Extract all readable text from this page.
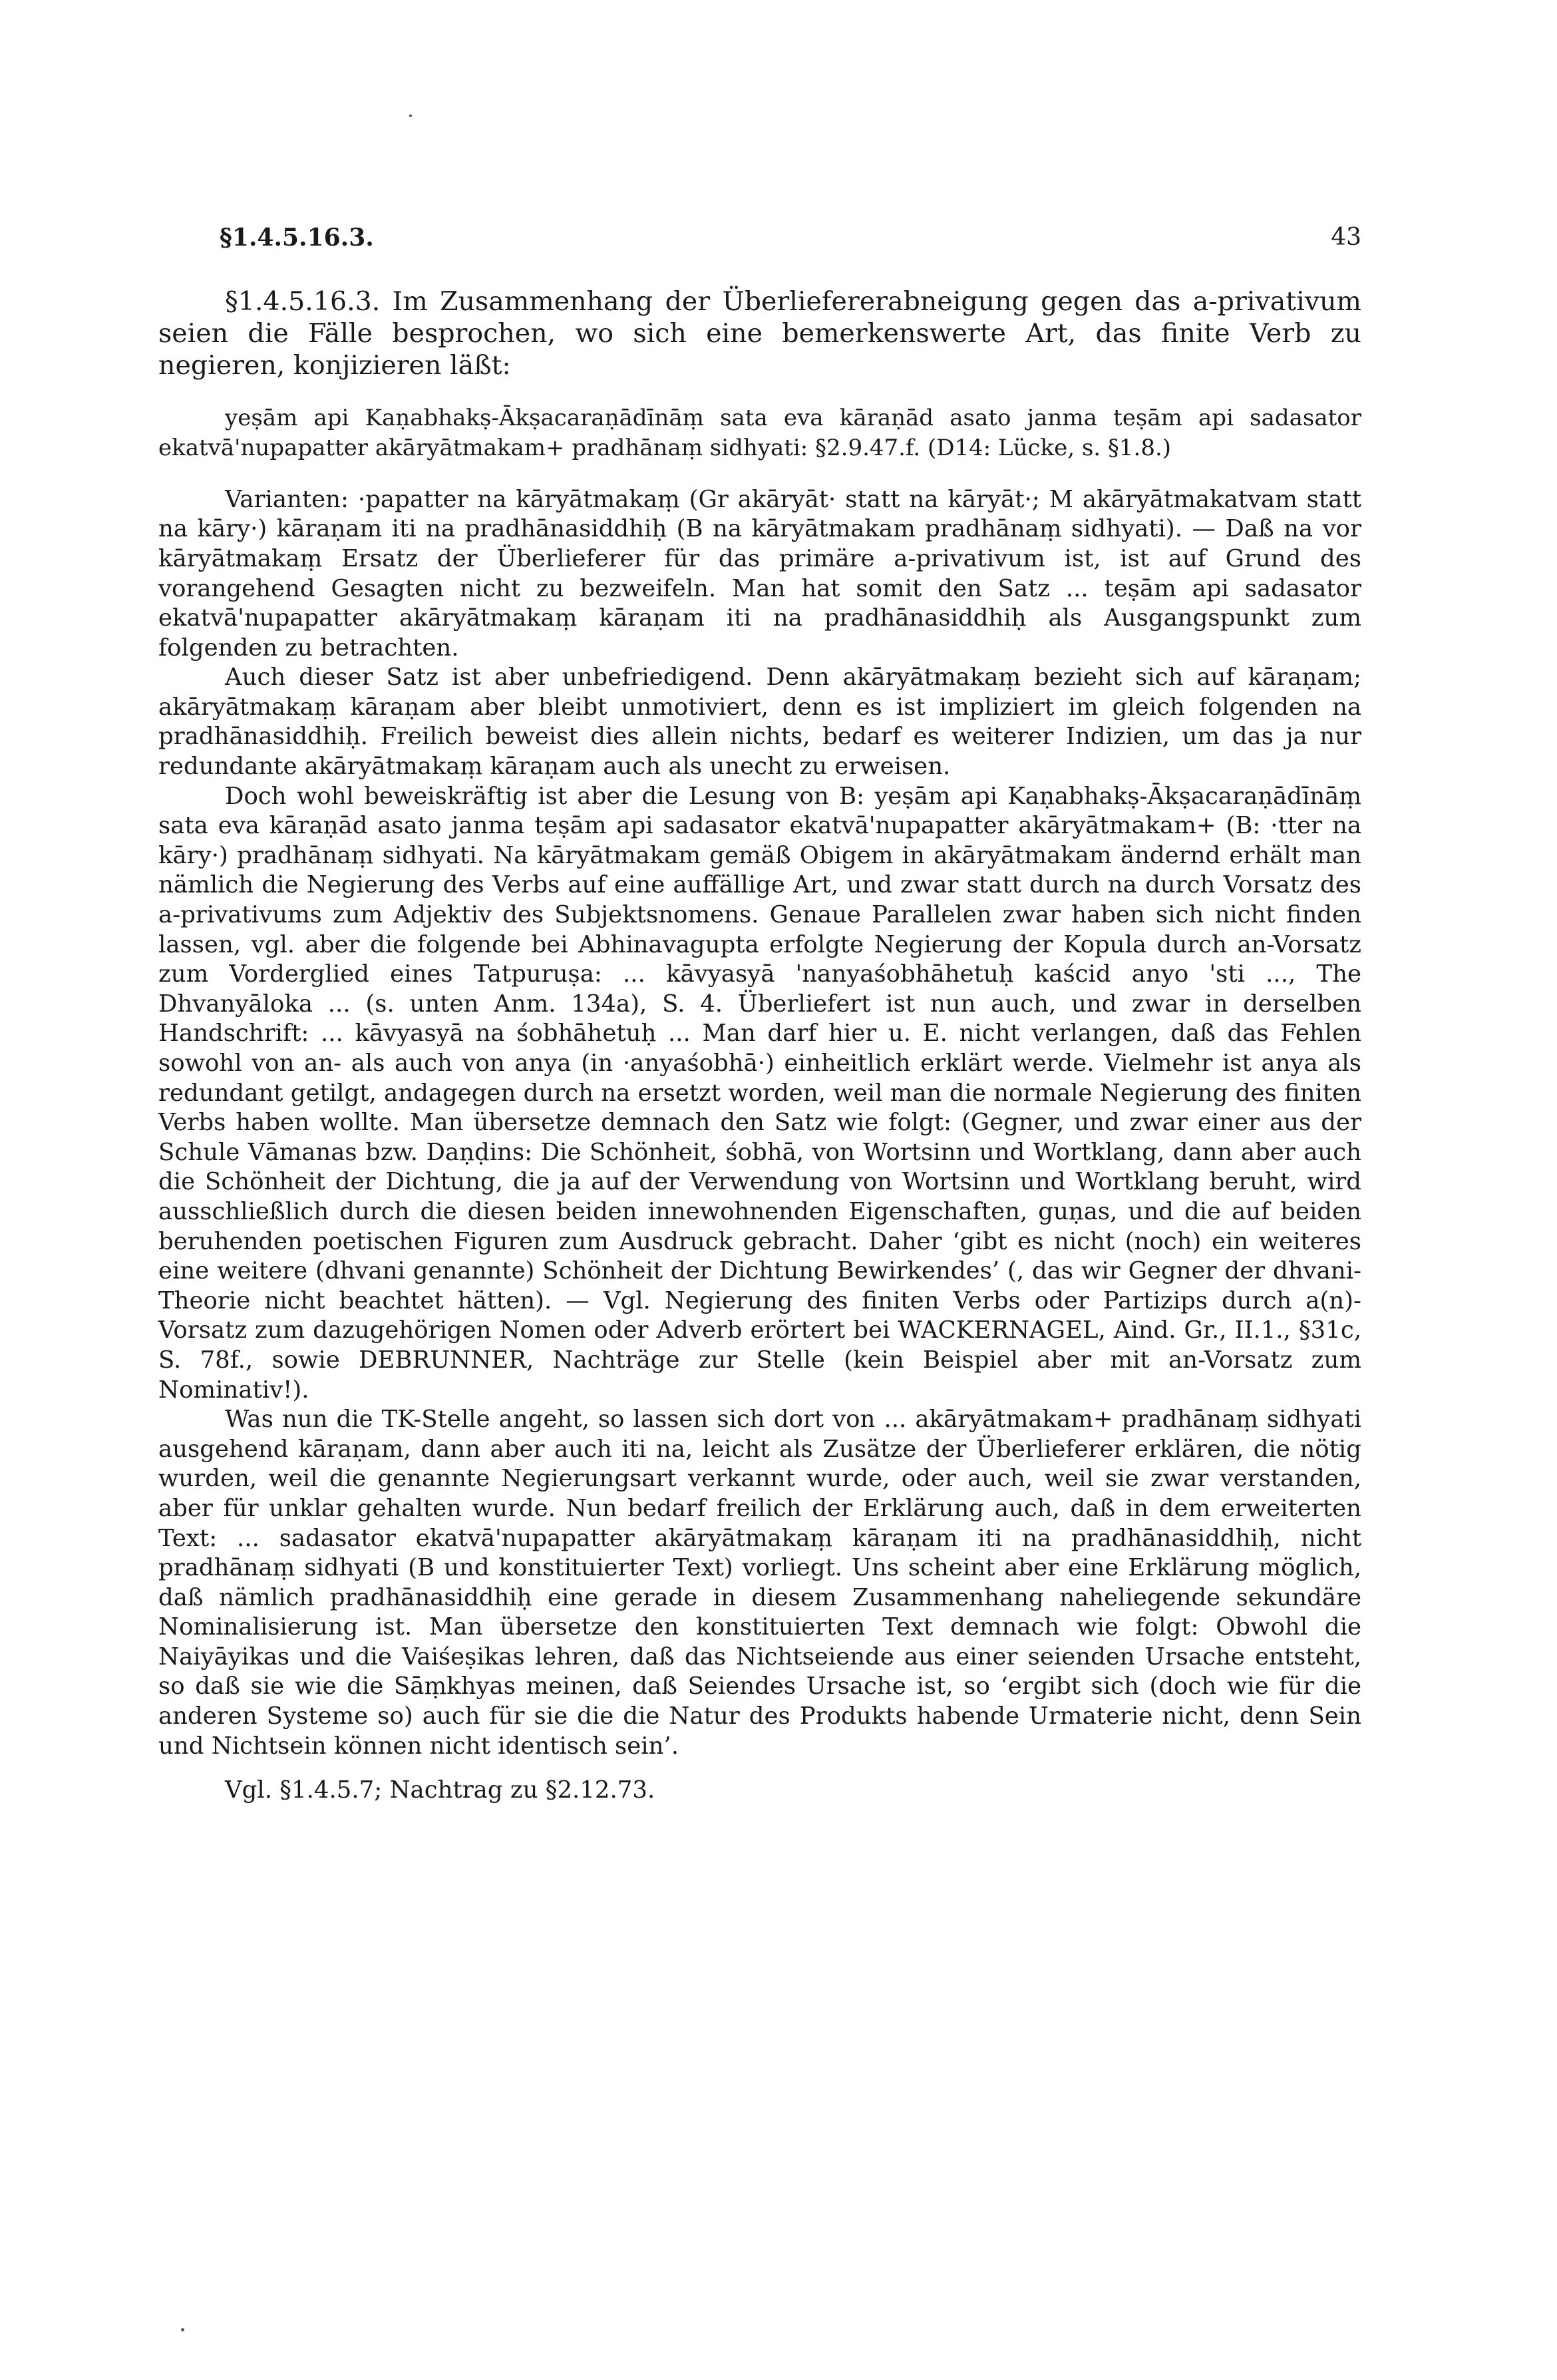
§1.4.5.16.3.	43

§1.4.5.16.3. Im Zusammenhang der Überliefererabneigung gegen das a-privativum seien die Fälle besprochen, wo sich eine bemerkenswerte Art, das finite Verb zu negieren, konjizieren läßt:

yeṣām api Kaṇabhakṣ-Ākṣacaraṇādīnāṃ sata eva kāraṇād asato janma teṣām api sadasator ekatvā'nupapatter akāryātmakam+ pradhānaṃ sidhyati: §2.9.47.f. (D14: Lücke, s. §1.8.)

Varianten: ·papatter na kāryātmakaṃ (Gr akāryāt· statt na kāryāt·; M akāryātmakatvam statt na kāry·) kāraṇam iti na pradhānasiddhiḥ (B na kāryātmakam pradhānaṃ sidhyati). — Daß na vor kāryātmakaṃ Ersatz der Überlieferer für das primäre a-privativum ist, ist auf Grund des vorangehend Gesagten nicht zu bezweifeln. Man hat somit den Satz ... teṣām api sadasator ekatvā'nupapatter akāryātmakaṃ kāraṇam iti na pradhānasiddhiḥ als Ausgangspunkt zum folgenden zu betrachten.

Auch dieser Satz ist aber unbefriedigend. Denn akāryātmakaṃ bezieht sich auf kāraṇam; akāryātmakaṃ kāraṇam aber bleibt unmotiviert, denn es ist impliziert im gleich folgenden na pradhānasiddhiḥ. Freilich beweist dies allein nichts, bedarf es weiterer Indizien, um das ja nur redundante akāryātmakaṃ kāraṇam auch als unecht zu erweisen.

Doch wohl beweiskräftig ist aber die Lesung von B: yeṣām api Kaṇabhakṣ-Ākṣacaraṇādīnāṃ sata eva kāraṇād asato janma teṣām api sadasator ekatvā'nupapatter akāryātmakam+ (B: ·tter na kāry·) pradhānaṃ sidhyati. Na kāryātmakam gemäß Obigem in akāryātmakam ändernd erhält man nämlich die Negierung des Verbs auf eine auffällige Art, und zwar statt durch na durch Vorsatz des a-privativums zum Adjektiv des Subjektsnomens. Genaue Parallelen zwar haben sich nicht finden lassen, vgl. aber die folgende bei Abhinavagupta erfolgte Negierung der Kopula durch an-Vorsatz zum Vorderglied eines Tatpuruṣa: ... kāvyasyā 'nanyaśobhāhetuḥ kaścid anyo 'sti ..., The Dhvanyāloka ... (s. unten Anm. 134a), S. 4. Überliefert ist nun auch, und zwar in derselben Handschrift: ... kāvyasyā na śobhāhetuḥ ... Man darf hier u. E. nicht verlangen, daß das Fehlen sowohl von an- als auch von anya (in ·anyaśobhā·) einheitlich erklärt werde. Vielmehr ist anya als redundant getilgt, andagegen durch na ersetzt worden, weil man die normale Negierung des finiten Verbs haben wollte. Man übersetze demnach den Satz wie folgt: (Gegner, und zwar einer aus der Schule Vāmanas bzw. Daṇḍins: Die Schönheit, śobhā, von Wortsinn und Wortklang, dann aber auch die Schönheit der Dichtung, die ja auf der Verwendung von Wortsinn und Wortklang beruht, wird ausschließlich durch die diesen beiden innewohnenden Eigenschaften, guṇas, und die auf beiden beruhenden poetischen Figuren zum Ausdruck gebracht. Daher ‘gibt es nicht (noch) ein weiteres eine weitere (dhvani genannte) Schönheit der Dichtung Bewirkendes’ (, das wir Gegner der dhvani-Theorie nicht beachtet hätten). — Vgl. Negierung des finiten Verbs oder Partizips durch a(n)-Vorsatz zum dazugehörigen Nomen oder Adverb erörtert bei WACKERNAGEL, Aind. Gr., II.1., §31c, S. 78f., sowie DEBRUNNER, Nachträge zur Stelle (kein Beispiel aber mit an-Vorsatz zum Nominativ!).

Was nun die TK-Stelle angeht, so lassen sich dort von ... akāryātmakam+ pradhānaṃ sidhyati ausgehend kāraṇam, dann aber auch iti na, leicht als Zusätze der Überlieferer erklären, die nötig wurden, weil die genannte Negierungsart verkannt wurde, oder auch, weil sie zwar verstanden, aber für unklar gehalten wurde. Nun bedarf freilich der Erklärung auch, daß in dem erweiterten Text: ... sadasator ekatvā'nupapatter akāryātmakaṃ kāraṇam iti na pradhānasiddhiḥ, nicht pradhānaṃ sidhyati (B und konstituierter Text) vorliegt. Uns scheint aber eine Erklärung möglich, daß nämlich pradhānasiddhiḥ eine gerade in diesem Zusammenhang naheliegende sekundäre Nominalisierung ist. Man übersetze den konstituierten Text demnach wie folgt: Obwohl die Naiyāyikas und die Vaiśeṣikas lehren, daß das Nichtseiende aus einer seienden Ursache entsteht, so daß sie wie die Sāṃkhyas meinen, daß Seiendes Ursache ist, so ‘ergibt sich (doch wie für die anderen Systeme so) auch für sie die die Natur des Produkts habende Urmaterie nicht, denn Sein und Nichtsein können nicht identisch sein’.

Vgl. §1.4.5.7; Nachtrag zu §2.12.73.
